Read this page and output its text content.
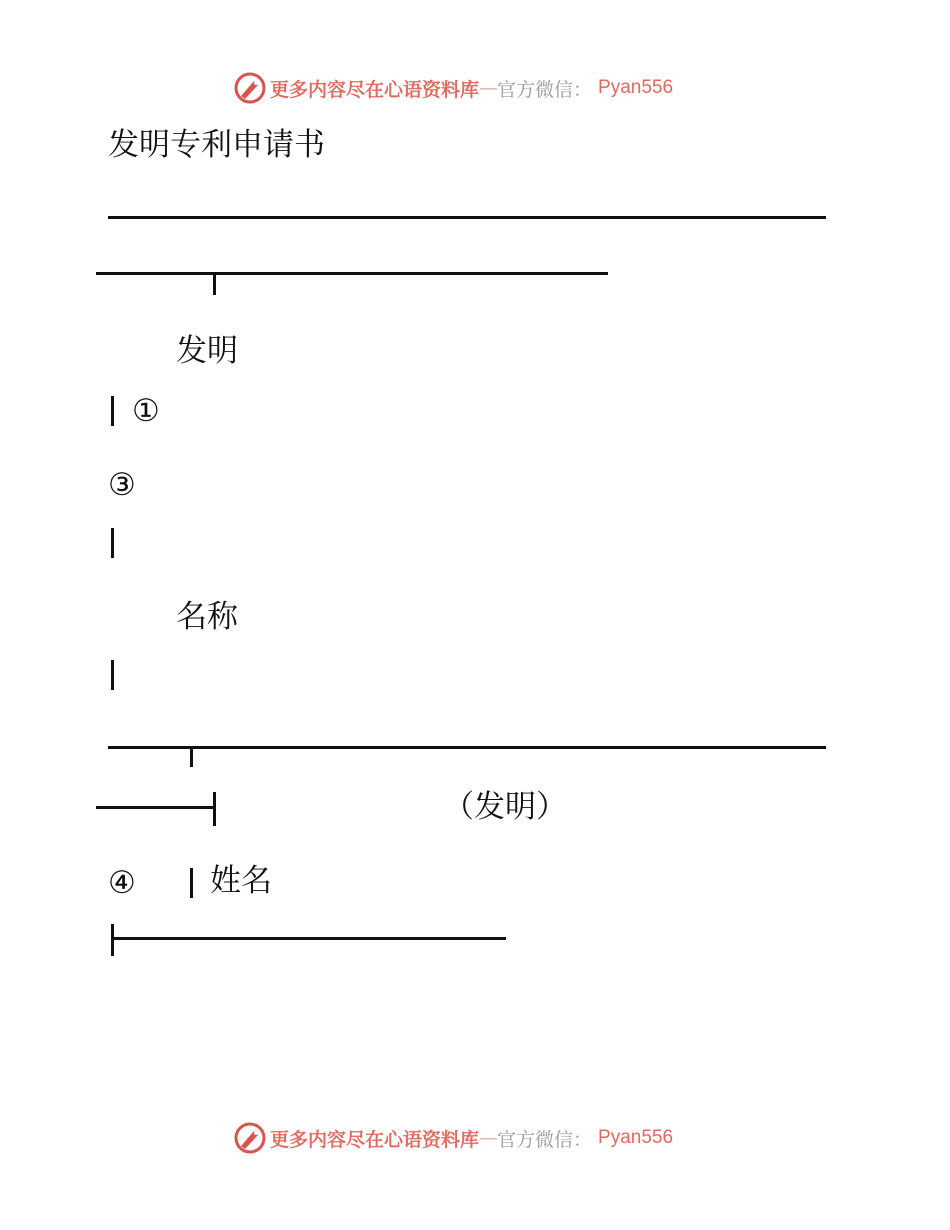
更多内容尽在心语资料库 — 官方微信： Pyan556
发明专利申请书
发明
①
③
名称
（发明）
④ 姓名
更多内容尽在心语资料库 — 官方微信： Pyan556
